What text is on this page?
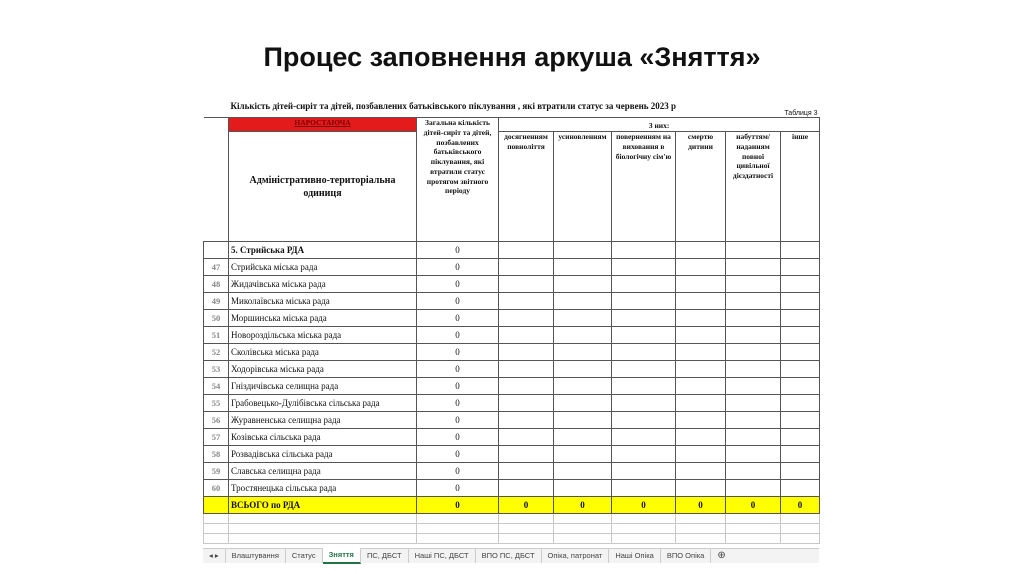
Процес заповнення аркуша «Зняття»
	Кількість дітей-сиріт та дітей, позбавлених батьківського піклування , які втратили статус за червень 2023 р						Таблиця 3	
	НАРОСТАЮЧА	Загальна кількість дітей-сиріт та дітей, позбавлених батьківського піклування, які втратили статус протягом звітного періоду	З них:					
	Адміністративно-територіальна одиниця		досягненням повноліття	усиновленням	поверненням на виховання в біологічну сім'ю	смертю дитини	набуттям/ наданням повної цивільної дієздатності	інше
	5. Стрийська РДА	0						
47	Стрийська міська рада	0						
48	Жидачівська міська рада	0						
49	Миколаївська міська рада	0						
50	Моршинська міська рада	0						
51	Новороздільська міська рада	0						
52	Сколівська міська рада	0						
53	Ходорівська міська рада	0						
54	Гніздичівська селищна рада	0						
55	Грабовецько-Дулібівська сільська рада	0						
56	Журавненська селищна рада	0						
57	Козівська сільська рада	0						
58	Розвадівська сільська рада	0						
59	Славська селищна рада	0						
60	Тростянецька сільська рада	0						
	ВСЬОГО по РДА	0	0	0	0	0	0	0

◂ ▸	Влаштування	Статус	Зняття	ПС, ДБСТ	Наші ПС, ДБСТ	ВПО ПС, ДБСТ	Опіка, патронат	Наші Опіка	ВПО Опіка	⊕
